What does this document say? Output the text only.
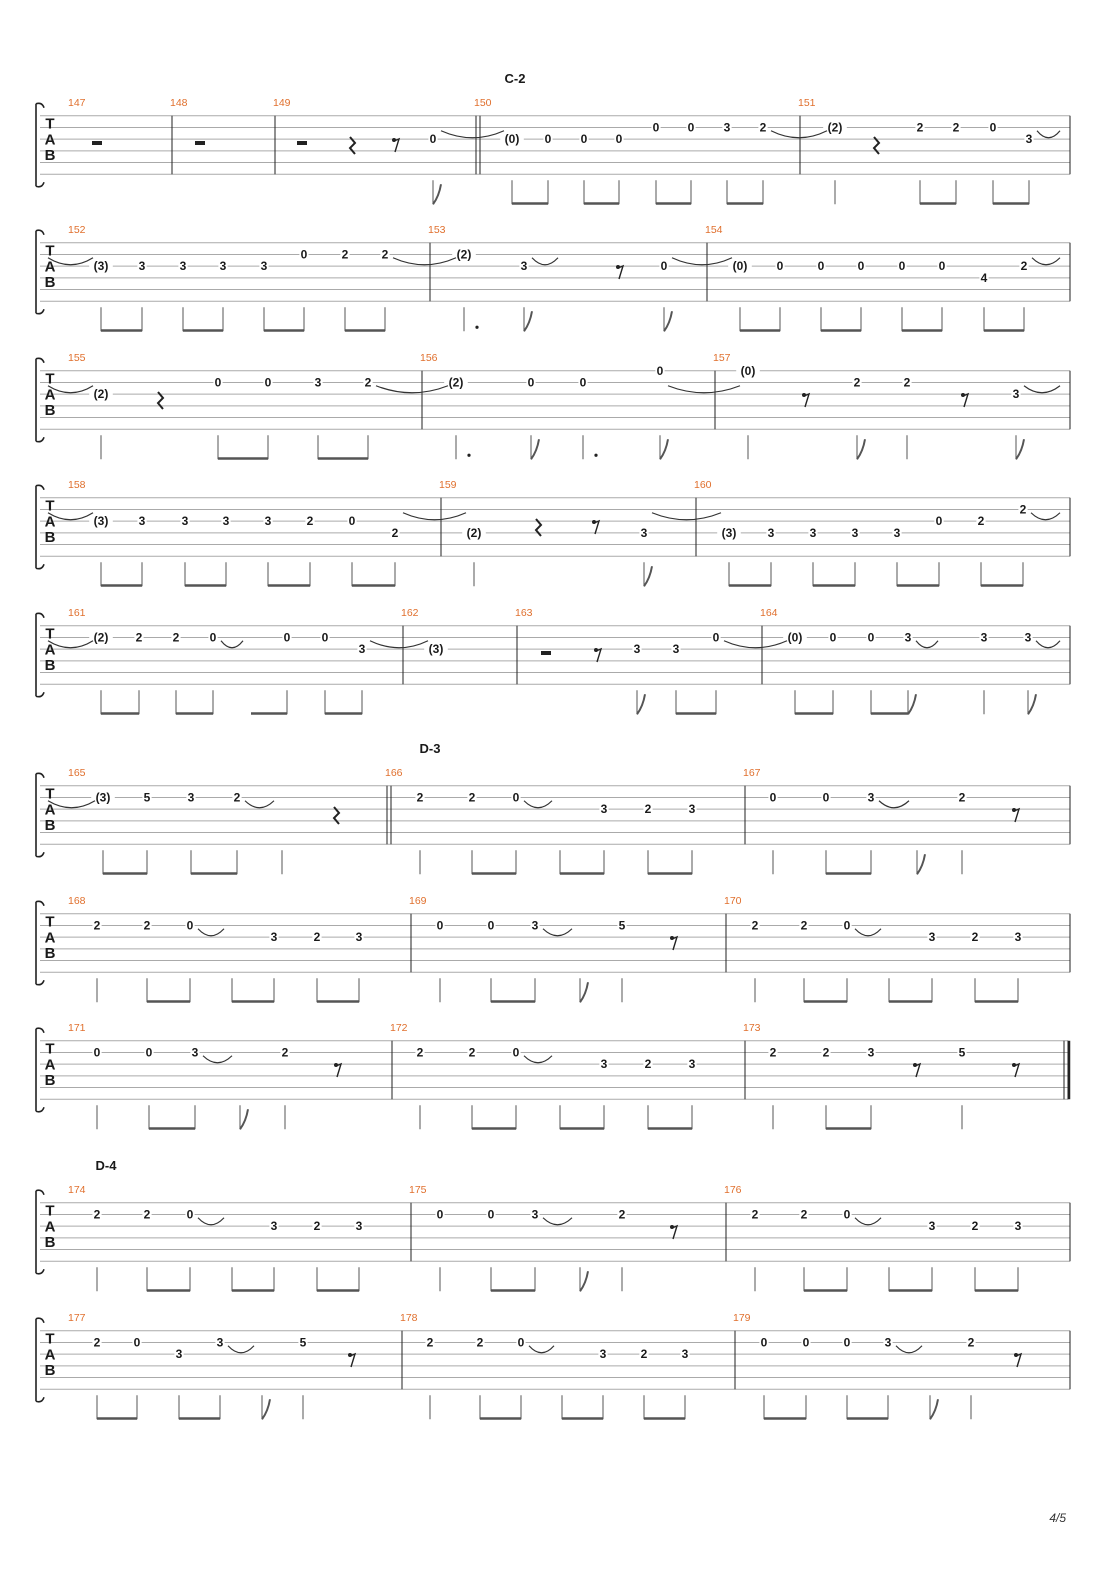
T
A
B
C-2
147	148	149
0
150
(0) 0 0 0
0 0 3 2
151
(2)	2 2	0
3
T
A
B
152
(3)	3	3	3	3
0	2	2
153
(2)
3	0
154
(0) 0	0	0	0	0
4
2
T
A
B
155
(2)
0	0	3	2
156
(2)	0	0
0
157
(0)
2	2
3
T
A
B
158
(3)	3	3	3	3	2	0
2
159
(2)	3
160
(3)	3	3	3	3
0	2
2
T
A
B
161
(2) 2	2	0	0	0
3
162
(3)
163
3	3
0
164
(0) 0	0	3	3	3
T
A
B
D-3
165
(3)	5	3	2
166
2	2	0
3	2	3
167
0	0	3	2
T
A
B
168
2	2	0
3	2	3
169
0	0	3	5
170
2	2	0
3	2	3
T
A
B
171
0	0	3	2
172
2	2	0
3	2	3
173
2	2	3	5
T
A
B
D-4
174
2	2	0
3	2	3
175
0	0	3	2
176
2	2	0
3	2	3
T
A
B
177
2	0
3
3	5
178
2	2	0
3	2	3
179
0	0	0	3	2
4/5
